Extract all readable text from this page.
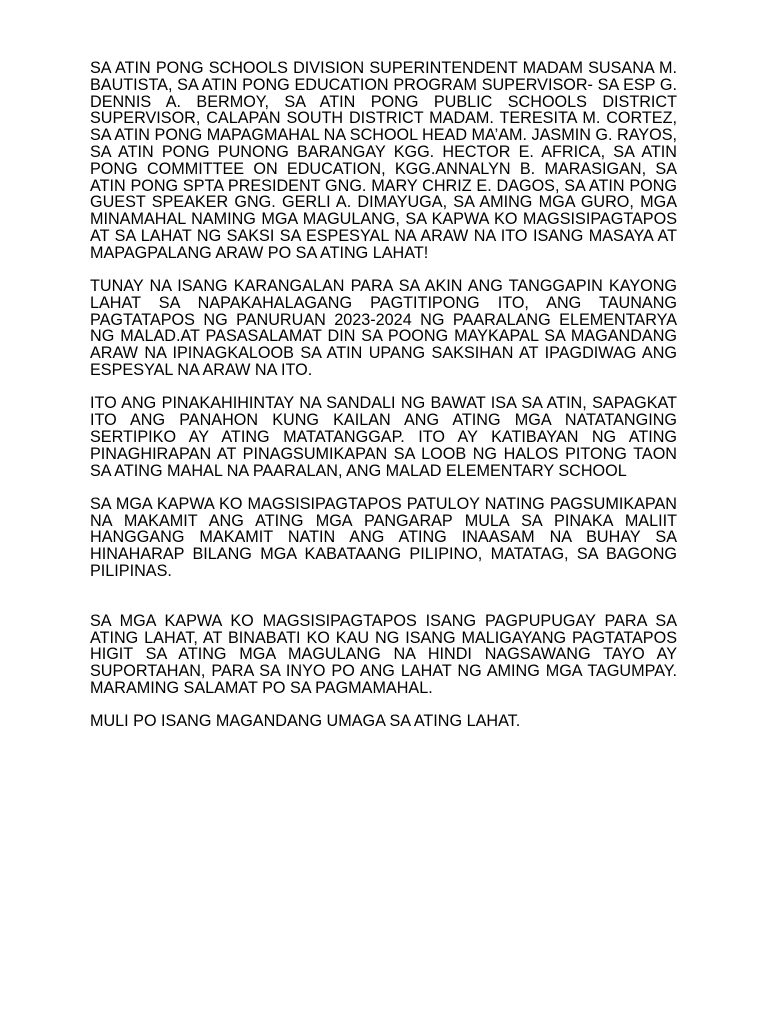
SA ATIN PONG SCHOOLS DIVISION SUPERINTENDENT MADAM SUSANA M. BAUTISTA, SA ATIN PONG EDUCATION PROGRAM SUPERVISOR- SA ESP G. DENNIS A. BERMOY, SA ATIN PONG PUBLIC SCHOOLS DISTRICT SUPERVISOR, CALAPAN SOUTH DISTRICT MADAM. TERESITA M. CORTEZ, SA ATIN PONG MAPAGMAHAL NA SCHOOL HEAD MA’AM. JASMIN G. RAYOS, SA ATIN PONG PUNONG BARANGAY KGG. HECTOR E. AFRICA, SA ATIN PONG COMMITTEE ON EDUCATION, KGG.ANNALYN B. MARASIGAN, SA ATIN PONG SPTA PRESIDENT GNG. MARY CHRIZ E. DAGOS, SA ATIN PONG GUEST SPEAKER GNG. GERLI A. DIMAYUGA, SA AMING MGA GURO, MGA MINAMAHAL NAMING MGA MAGULANG, SA KAPWA KO MAGSISIPAGTAPOS AT SA LAHAT NG SAKSI SA ESPESYAL NA ARAW NA ITO ISANG MASAYA AT MAPAGPALANG ARAW PO SA ATING LAHAT!

TUNAY NA ISANG KARANGALAN PARA SA AKIN ANG TANGGAPIN KAYONG LAHAT SA NAPAKAHALAGANG PAGTITIPONG ITO, ANG TAUNANG PAGTATAPOS NG PANURUAN 2023-2024 NG PAARALANG ELEMENTARYA NG MALAD.AT PASASALAMAT DIN SA POONG MAYKAPAL SA MAGANDANG ARAW NA IPINAGKALOOB SA ATIN UPANG SAKSIHAN AT IPAGDIWAG ANG ESPESYAL NA ARAW NA ITO.

ITO ANG PINAKAHIHINTAY NA SANDALI NG BAWAT ISA SA ATIN, SAPAGKAT ITO ANG PANAHON KUNG KAILAN ANG ATING MGA NATATANGING SERTIPIKO AY ATING MATATANGGAP. ITO AY KATIBAYAN NG ATING PINAGHIRAPAN AT PINAGSUMIKAPAN SA LOOB NG HALOS PITONG TAON SA ATING MAHAL NA PAARALAN, ANG MALAD ELEMENTARY SCHOOL

SA MGA KAPWA KO MAGSISIPAGTAPOS PATULOY NATING PAGSUMIKAPAN NA MAKAMIT ANG ATING MGA PANGARAP MULA SA PINAKA MALIIT HANGGANG MAKAMIT NATIN ANG ATING INAASAM NA BUHAY SA HINAHARAP BILANG MGA KABATAANG PILIPINO, MATATAG, SA BAGONG PILIPINAS.

SA MGA KAPWA KO MAGSISIPAGTAPOS ISANG PAGPUPUGAY PARA SA ATING LAHAT, AT BINABATI KO KAU NG ISANG MALIGAYANG PAGTATAPOS HIGIT SA ATING MGA MAGULANG NA HINDI NAGSAWANG TAYO AY SUPORTAHAN, PARA SA INYO PO ANG LAHAT NG AMING MGA TAGUMPAY. MARAMING SALAMAT PO SA PAGMAMAHAL.

MULI PO ISANG MAGANDANG UMAGA SA ATING LAHAT.
